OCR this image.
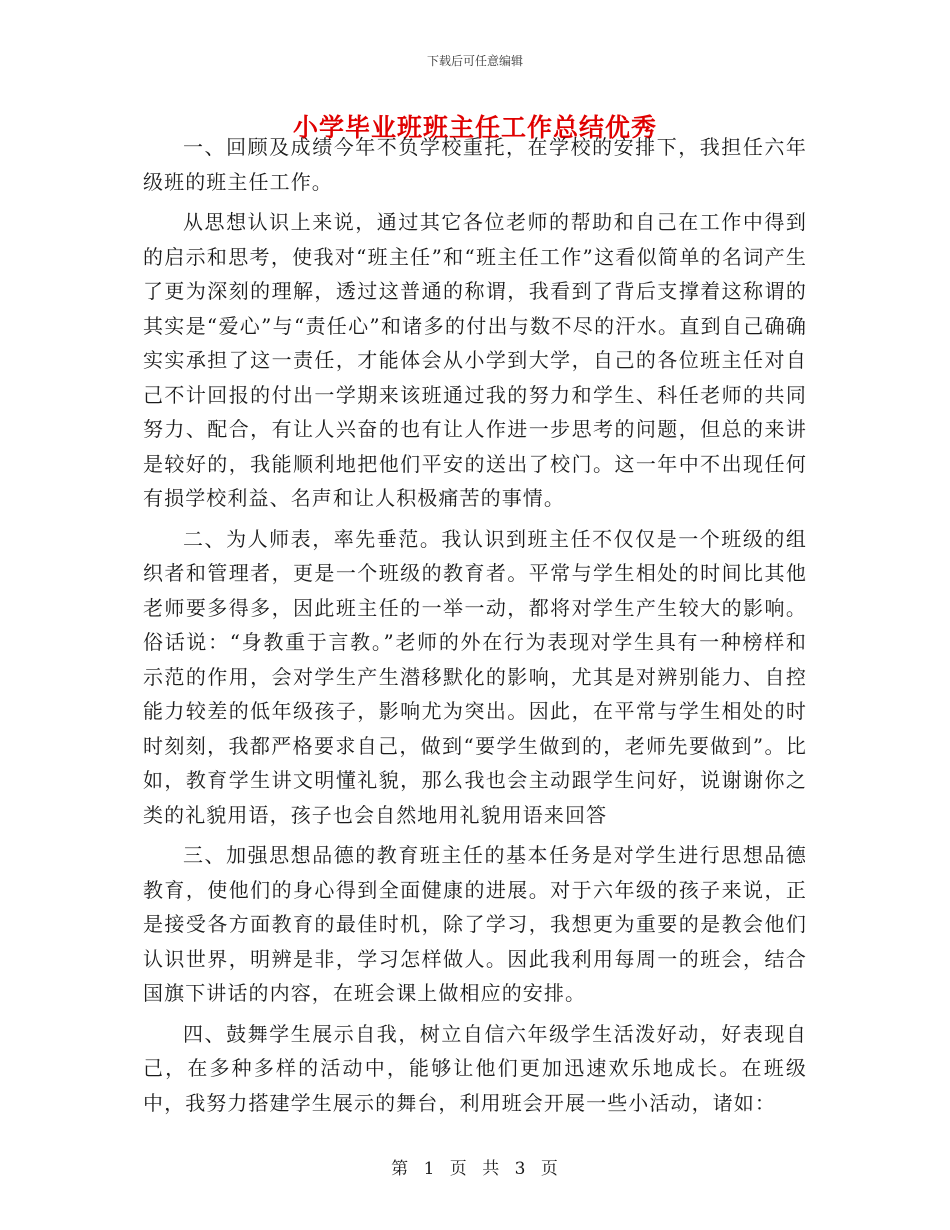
下载后可任意编辑
小学毕业班班主任工作总结优秀

一、回顾及成绩今年不负学校重托，在学校的安排下，我担任六年级班的班主任工作。

从思想认识上来说，通过其它各位老师的帮助和自己在工作中得到的启示和思考，使我对“班主任”和“班主任工作”这看似简单的名词产生了更为深刻的理解，透过这普通的称谓，我看到了背后支撑着这称谓的其实是“爱心”与“责任心”和诸多的付出与数不尽的汗水。直到自己确确实实承担了这一责任，才能体会从小学到大学，自己的各位班主任对自己不计回报的付出一学期来该班通过我的努力和学生、科任老师的共同努力、配合，有让人兴奋的也有让人作进一步思考的问题，但总的来讲是较好的，我能顺利地把他们平安的送出了校门。这一年中不出现任何有损学校利益、名声和让人积极痛苦的事情。

二、为人师表，率先垂范。我认识到班主任不仅仅是一个班级的组织者和管理者，更是一个班级的教育者。平常与学生相处的时间比其他老师要多得多，因此班主任的一举一动，都将对学生产生较大的影响。俗话说：“身教重于言教。”老师的外在行为表现对学生具有一种榜样和示范的作用，会对学生产生潜移默化的影响，尤其是对辨别能力、自控能力较差的低年级孩子，影响尤为突出。因此，在平常与学生相处的时时刻刻，我都严格要求自己，做到“要学生做到的，老师先要做到”。比如，教育学生讲文明懂礼貌，那么我也会主动跟学生问好，说谢谢你之类的礼貌用语，孩子也会自然地用礼貌用语来回答

三、加强思想品德的教育班主任的基本任务是对学生进行思想品德教育，使他们的身心得到全面健康的进展。对于六年级的孩子来说，正是接受各方面教育的最佳时机，除了学习，我想更为重要的是教会他们认识世界，明辨是非，学习怎样做人。因此我利用每周一的班会，结合国旗下讲话的内容，在班会课上做相应的安排。

四、鼓舞学生展示自我，树立自信六年级学生活泼好动，好表现自己，在多种多样的活动中，能够让他们更加迅速欢乐地成长。在班级中，我努力搭建学生展示的舞台，利用班会开展一些小活动，诸如：

第 1 页 共 3 页
